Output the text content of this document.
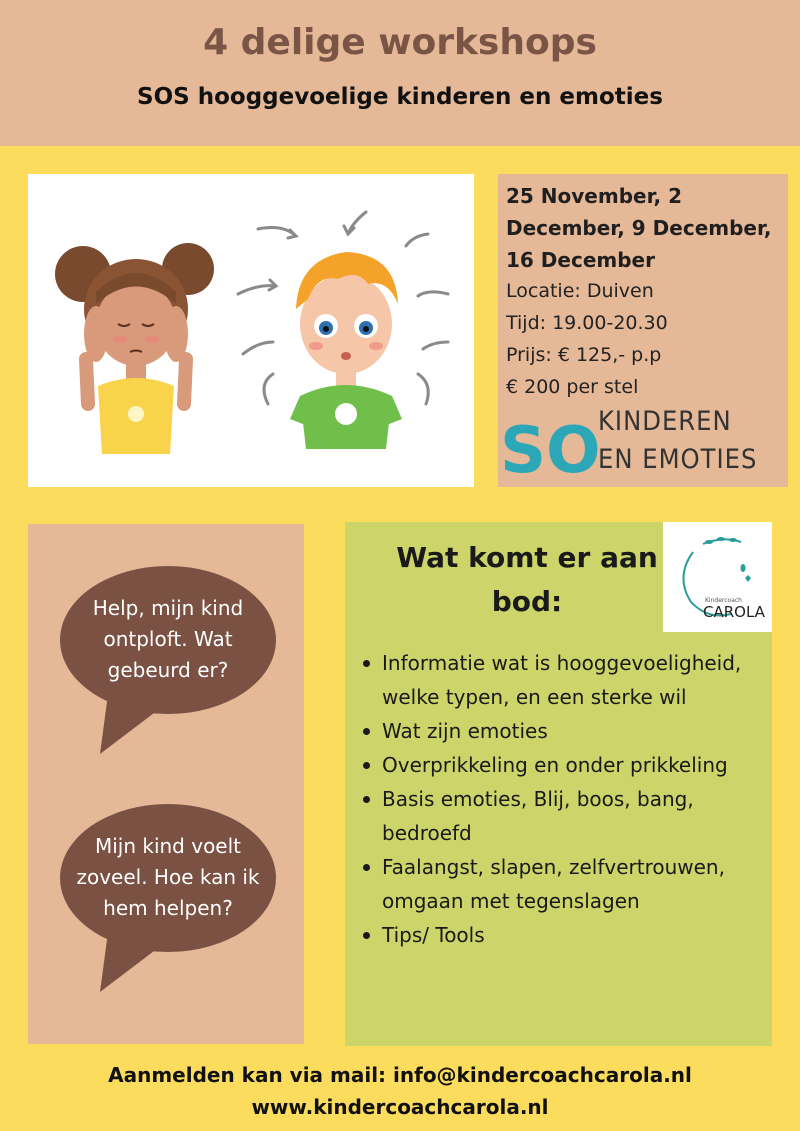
4 delige workshops
SOS hooggevoelige kinderen en emoties
25 November, 2 December, 9 December, 16 December
Locatie: Duiven
Tijd: 19.00-20.30
Prijs: € 125,- p.p
€ 200 per stel
SO
KINDEREN
EN EMOTIES
Help, mijn kind ontploft. Wat gebeurd er?
Mijn kind voelt zoveel. Hoe kan ik hem helpen?
Wat komt er aan bod:	Kindercoach
CAROLA
Informatie wat is hooggevoeligheid, welke typen, en een sterke wil
Wat zijn emoties
Overprikkeling en onder prikkeling
Basis emoties, Blij, boos, bang, bedroefd
Faalangst, slapen, zelfvertrouwen, omgaan met tegenslagen
Tips/ Tools
Aanmelden kan via mail: info@kindercoachcarola.nl
www.kindercoachcarola.nl
